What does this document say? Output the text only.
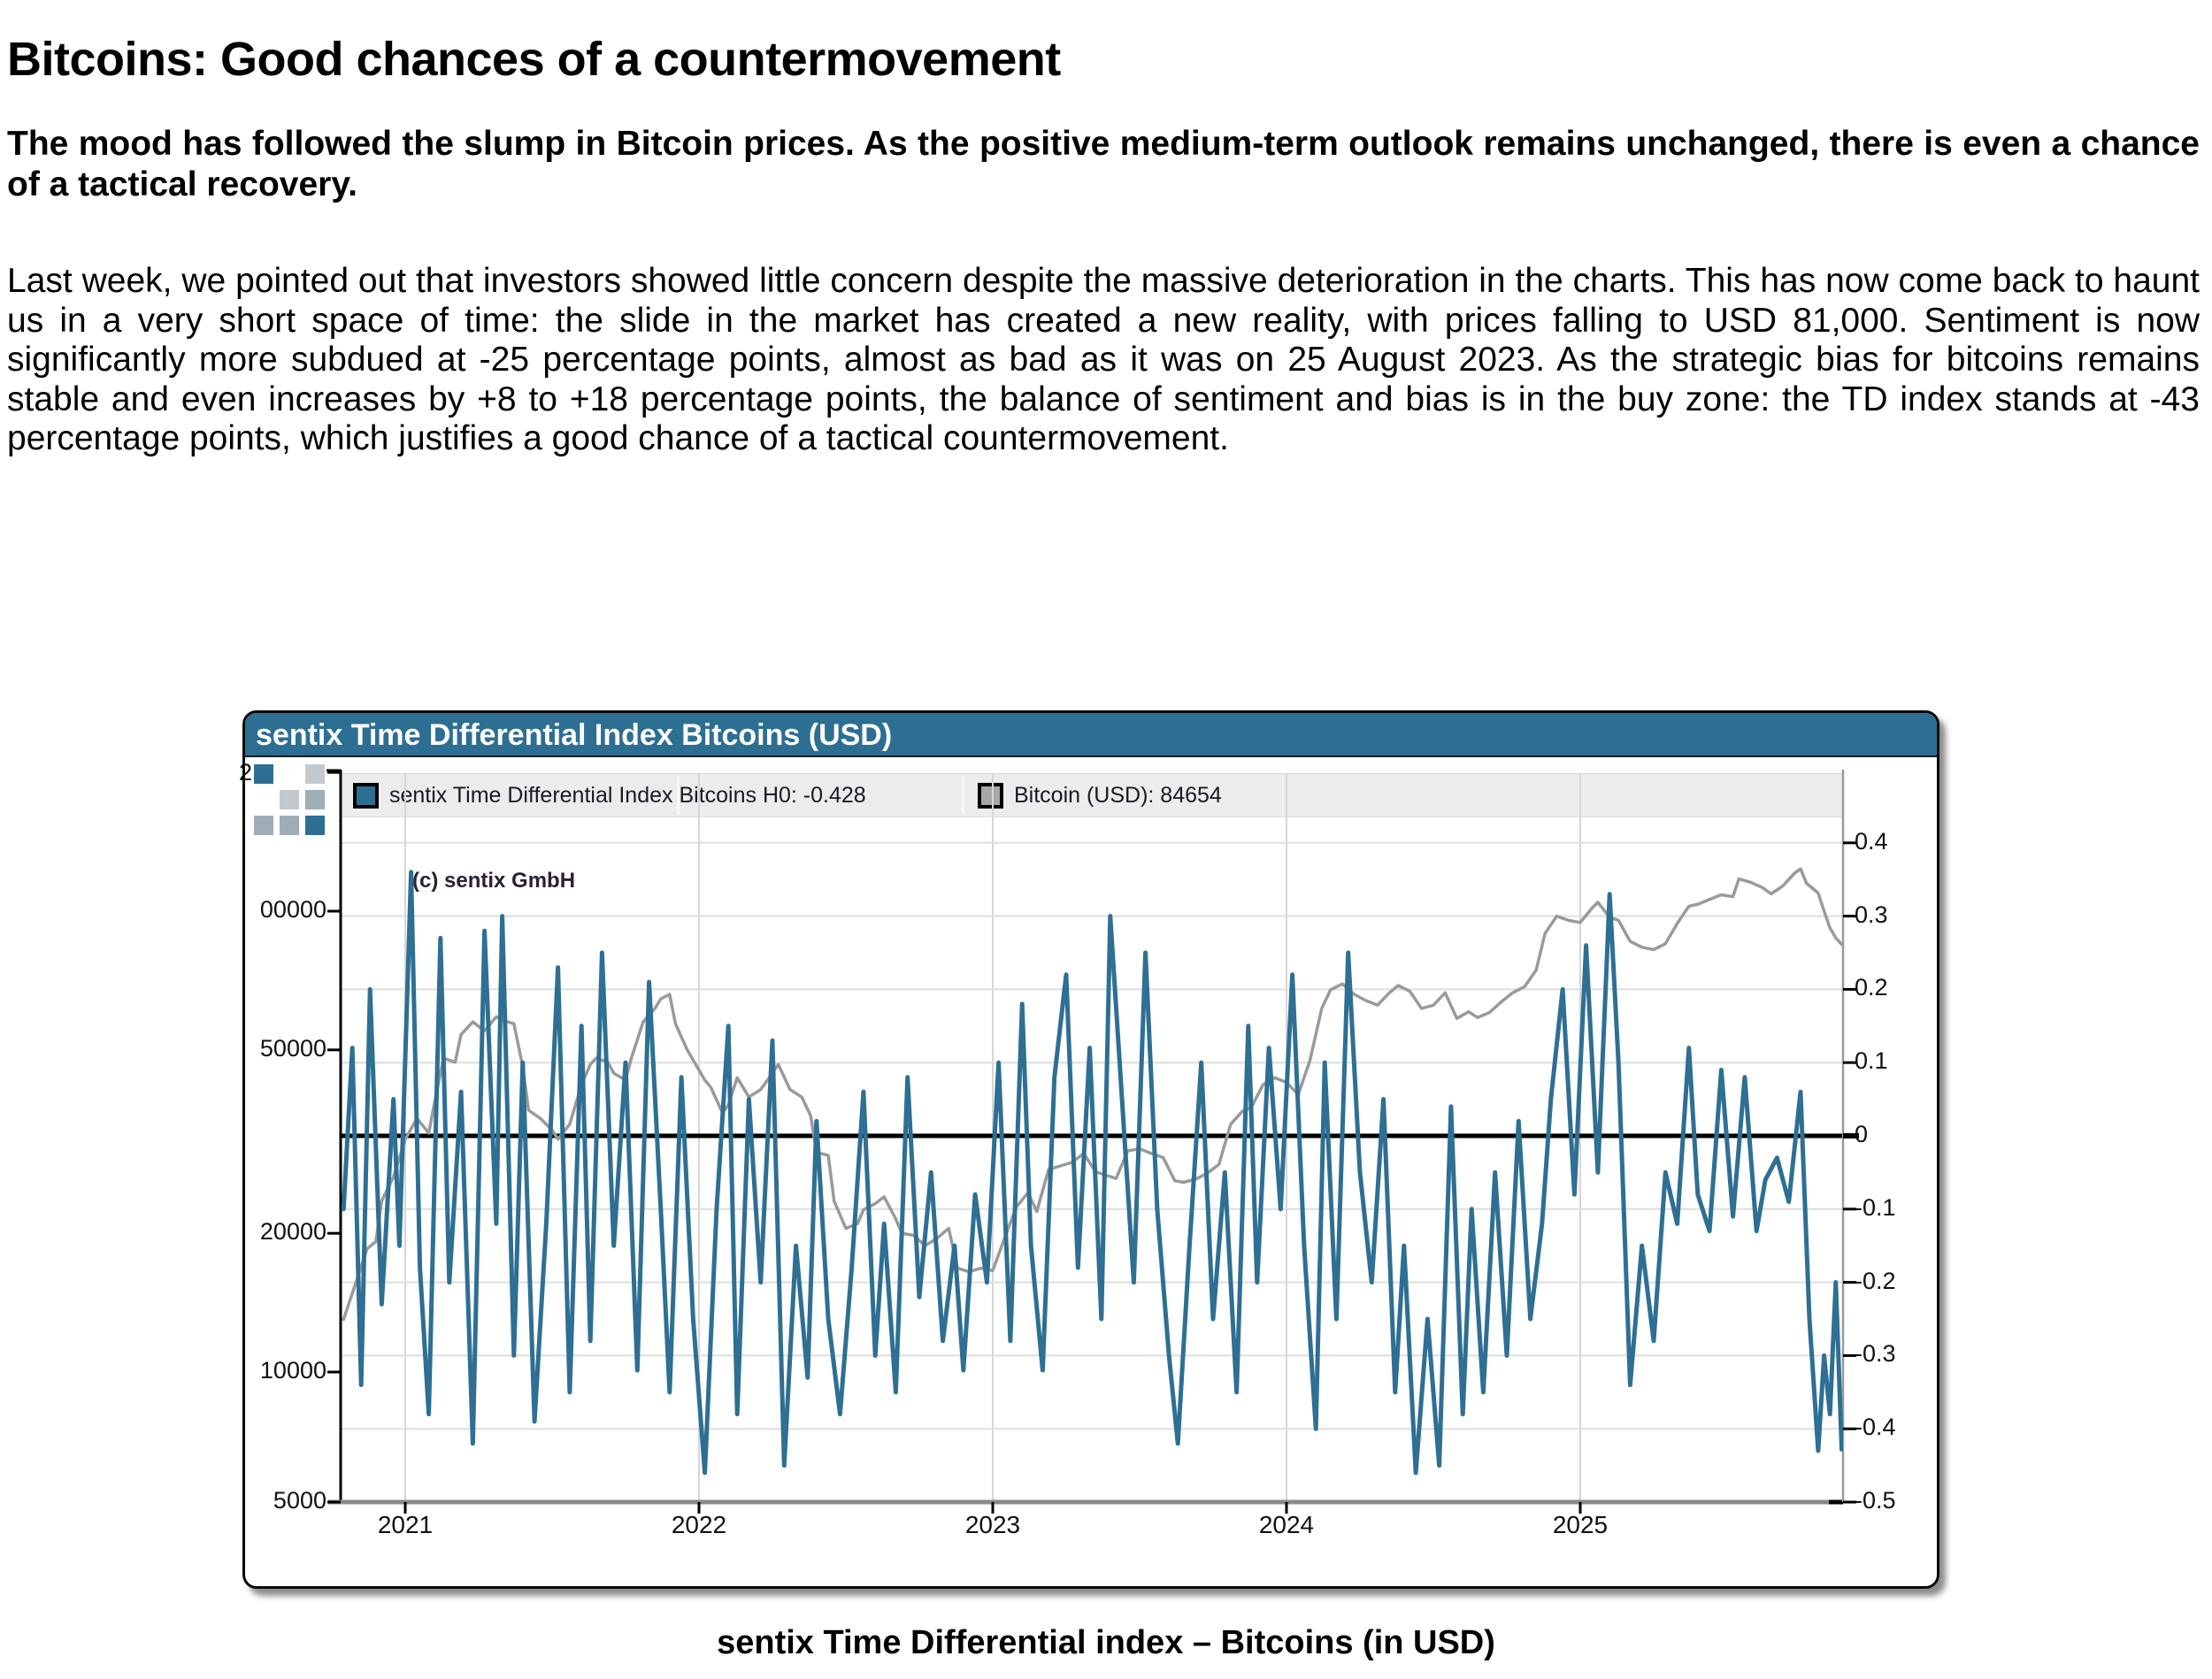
Bitcoins: Good chances of a countermovement
The mood has followed the slump in Bitcoin prices. As the positive medium-term outlook remains unchanged, there is even a chance of a tactical recovery.
Last week, we pointed out that investors showed little concern despite the massive deterioration in the charts. This has now come back to haunt us in a very short space of time: the slide in the market has created a new reality, with prices falling to USD 81,000. Sentiment is now significantly more subdued at -25 percentage points, almost as bad as it was on 25 August 2023. As the strategic bias for bitcoins remains stable and even increases by +8 to +18 percentage points, the balance of sentiment and bias is in the buy zone: the TD index stands at -43 percentage points, which justifies a good chance of a tactical countermovement.
sentix Time Differential Index Bitcoins (USD)
sentix Time Differential Index Bitcoins H0: -0.428	Bitcoin (USD): 84654
2
(c) sentix GmbH
00000
50000
20000
10000
5000
0.4
0.3
0.2
0.1
0
-0.1
-0.2
-0.3
-0.4
-0.5
2021	2022	2023	2024	2025
sentix Time Differential index – Bitcoins (in USD)
